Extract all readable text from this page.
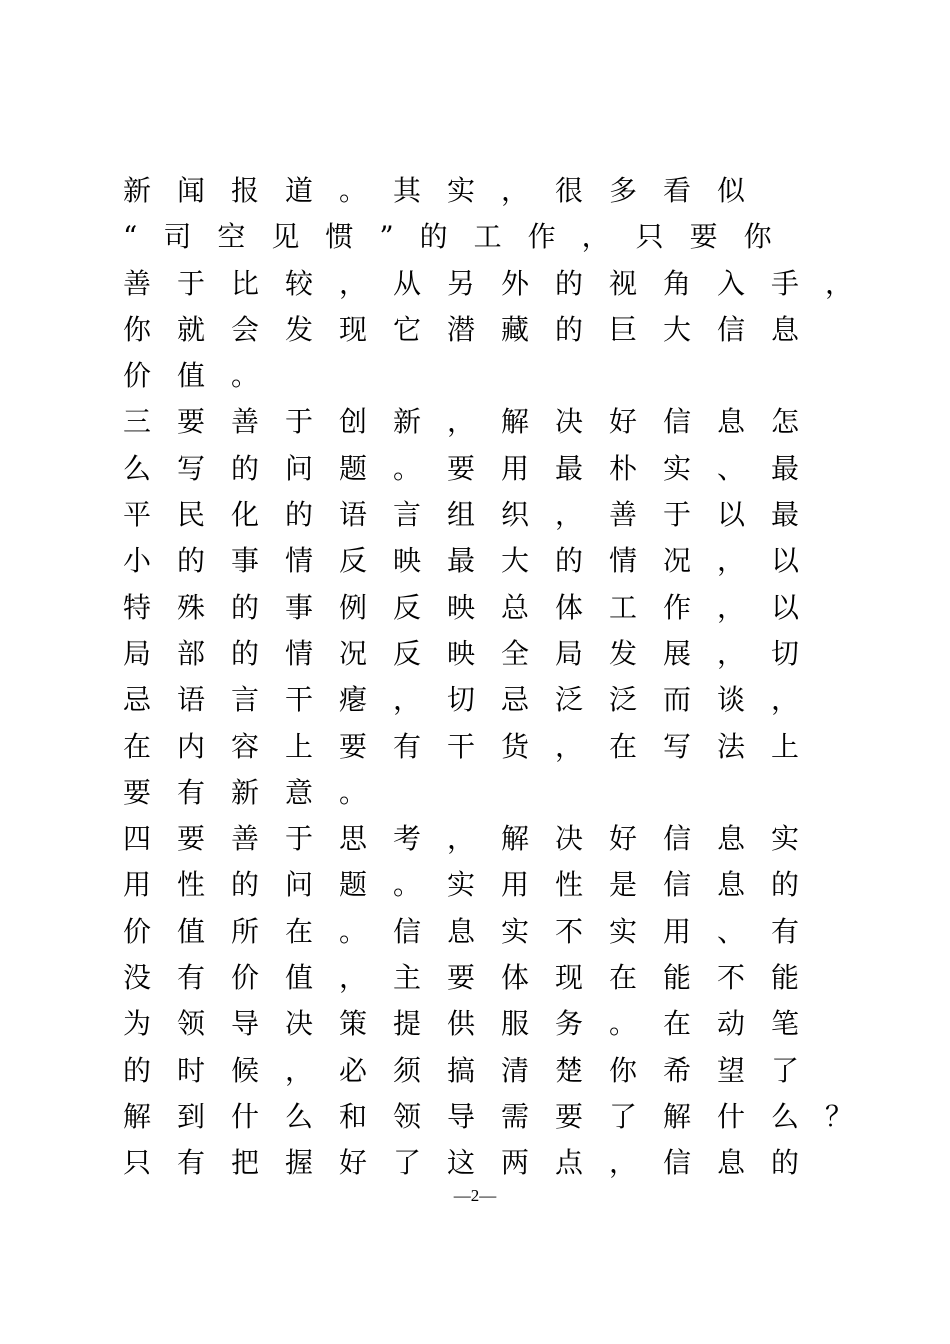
新闻报道。其实，很多看似
“司空见惯”的工作，只要你
善于比较，从另外的视角入手，
你就会发现它潜藏的巨大信息
价值。
三要善于创新，解决好信息怎
么写的问题。要用最朴实、最
平民化的语言组织，善于以最
小的事情反映最大的情况，以
特殊的事例反映总体工作，以
局部的情况反映全局发展，切
忌语言干瘪，切忌泛泛而谈，
在内容上要有干货，在写法上
要有新意。
四要善于思考，解决好信息实
用性的问题。实用性是信息的
价值所在。信息实不实用、有
没有价值，主要体现在能不能
为领导决策提供服务。在动笔
的时候，必须搞清楚你希望了
解到什么和领导需要了解什么？
只有把握好了这两点，信息的
—2—
